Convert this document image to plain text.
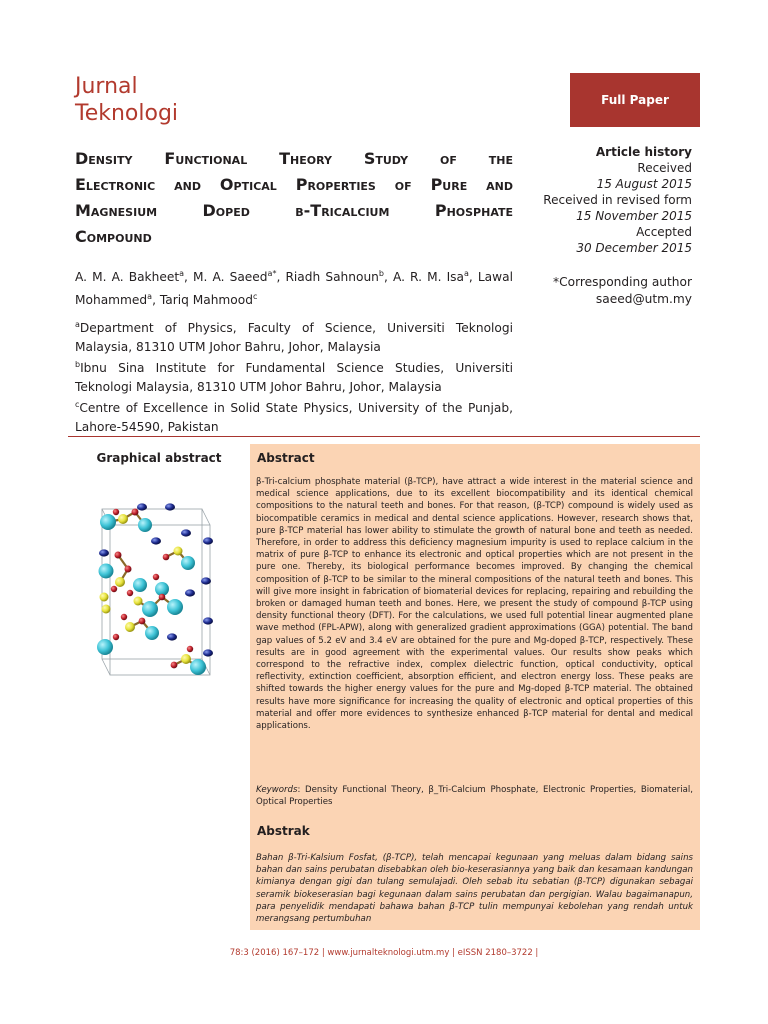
Jurnal
Teknologi
Full Paper
Density Functional Theory Study of the
Electronic and Optical Properties of Pure and
Magnesium Doped β-Tricalcium Phosphate
Compound
A. M. A. Bakheet$^a$, M. A. Saeed$^{a*}$, Riadh Sahnoun$^b$, A. R. M. Isa$^a$, Lawal Mohammed$^a$, Tariq Mahmood$^c$

$^a$Department of Physics, Faculty of Science, Universiti Teknologi Malaysia, 81310 UTM Johor Bahru, Johor, Malaysia

$^b$Ibnu Sina Institute for Fundamental Science Studies, Universiti Teknologi Malaysia, 81310 UTM Johor Bahru, Johor, Malaysia

$^c$Centre of Excellence in Solid State Physics, University of the Punjab, Lahore-54590, Pakistan

Article history
Received
15 August 2015
Received in revised form
15 November 2015
Accepted
30 December 2015
*Corresponding author
saeed@utm.my
Graphical abstract	Abstract
β-Tri-calcium phosphate material (β-TCP), have attract a wide interest in the material science and medical science applications, due to its excellent biocompatibility and its identical chemical compositions to the natural teeth and bones. For that reason, (β-TCP) compound is widely used as biocompatible ceramics in medical and dental science applications. However, research shows that, pure β-TCP material has lower ability to stimulate the growth of natural bone and teeth as needed. Therefore, in order to address this deficiency magnesium impurity is used to replace calcium in the matrix of pure β-TCP to enhance its electronic and optical properties which are not present in the pure one. Thereby, its biological performance becomes improved. By changing the chemical composition of β-TCP to be similar to the mineral compositions of the natural teeth and bones. This will give more insight in fabrication of biomaterial devices for replacing, repairing and rebuilding the broken or damaged human teeth and bones. Here, we present the study of compound β-TCP using density functional theory (DFT). For the calculations, we used full potential linear augmented plane wave method (FPL-APW), along with generalized gradient approximations (GGA) potential. The band gap values of 5.2 eV and 3.4 eV are obtained for the pure and Mg-doped β-TCP, respectively. These results are in good agreement with the experimental values. Our results show peaks which correspond to the refractive index, complex dielectric function, optical conductivity, optical reflectivity, extinction coefficient, absorption efficient, and electron energy loss. These peaks are shifted towards the higher energy values for the pure and Mg-doped β-TCP material. The obtained results have more significance for increasing the quality of electronic and optical properties of this material and offer more evidences to synthesize enhanced β-TCP material for dental and medical applications.
Keywords: Density Functional Theory, β_Tri-Calcium Phosphate, Electronic Properties, Biomaterial, Optical Properties
Abstrak
Bahan β-Tri-Kalsium Fosfat, (β-TCP), telah mencapai kegunaan yang meluas dalam bidang sains bahan dan sains perubatan disebabkan oleh bio-keserasiannya yang baik dan kesamaan kandungan kimianya dengan gigi dan tulang semulajadi. Oleh sebab itu sebatian (β-TCP) digunakan sebagai seramik biokeserasian bagi kegunaan dalam sains perubatan dan pergigian. Walau bagaimanapun, para penyelidik mendapati bahawa bahan β-TCP tulin mempunyai kebolehan yang rendah untuk merangsang pertumbuhan
78:3 (2016) 167–172 | www.jurnalteknologi.utm.my | eISSN 2180–3722 |
